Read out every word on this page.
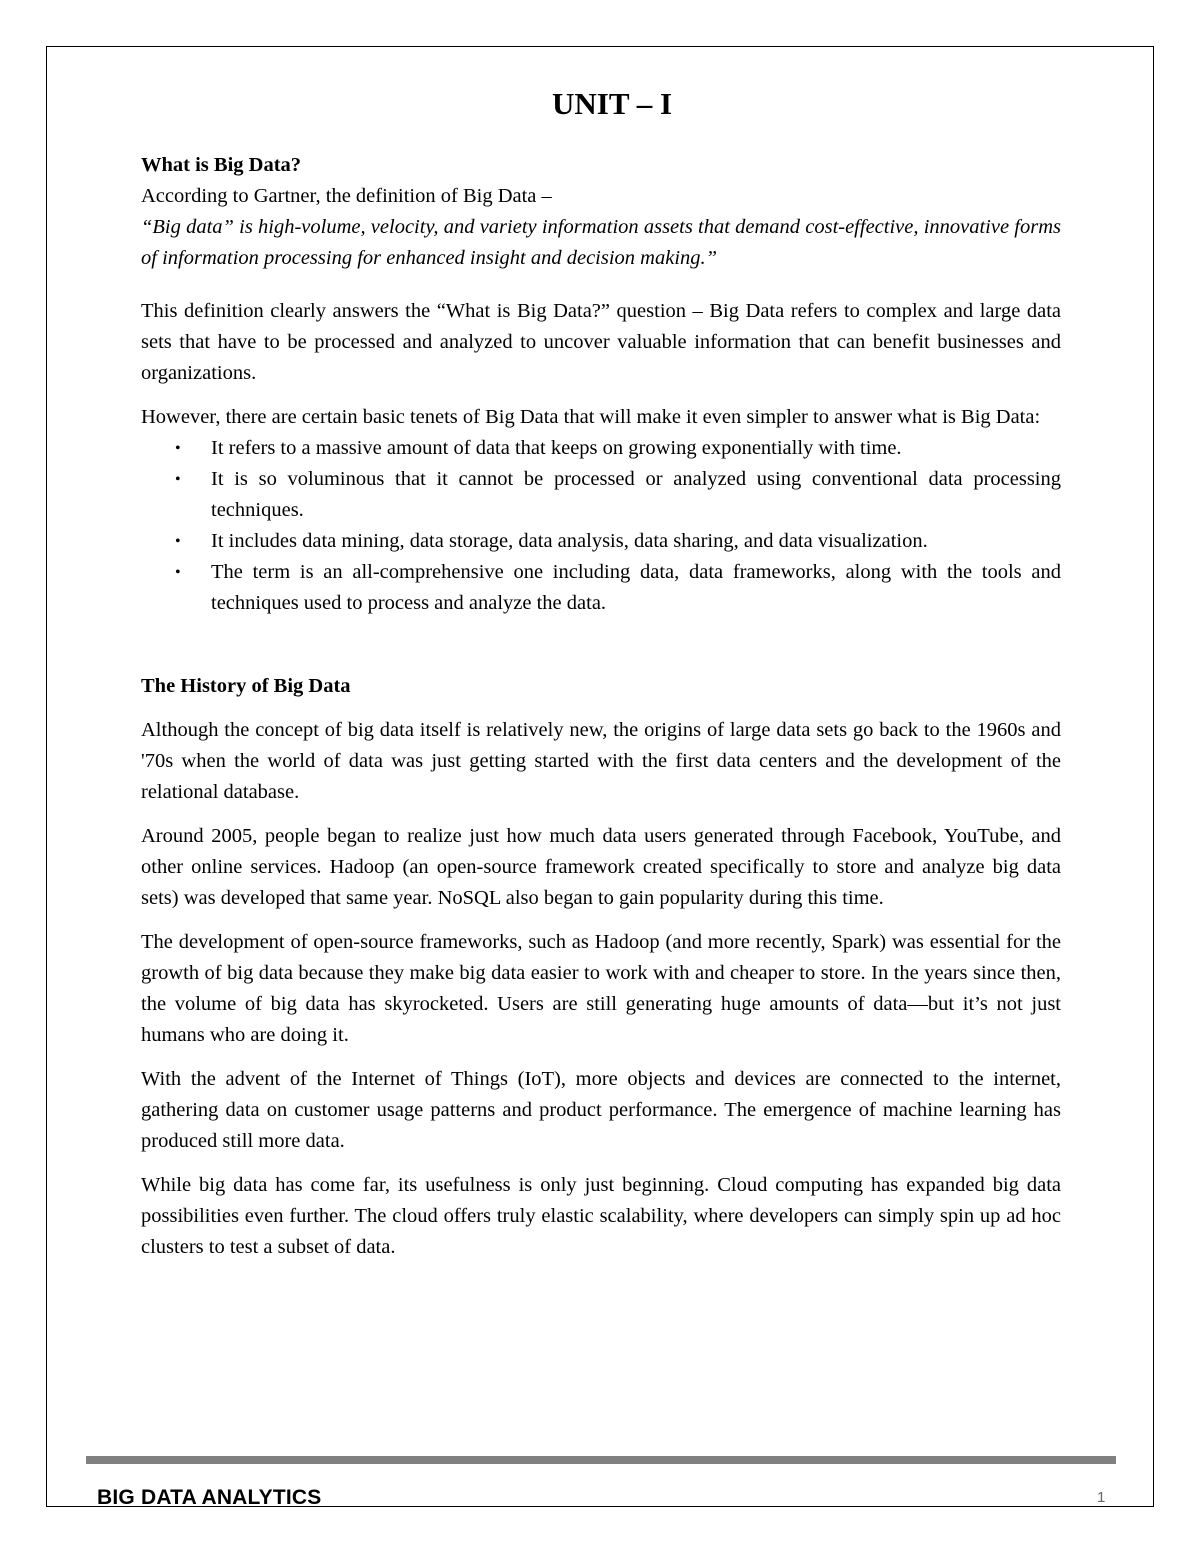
UNIT – I

What is Big Data?

According to Gartner, the definition of Big Data –

“Big data” is high-volume, velocity, and variety information assets that demand cost-effective, innovative forms of information processing for enhanced insight and decision making.”

This definition clearly answers the “What is Big Data?” question – Big Data refers to complex and large data sets that have to be processed and analyzed to uncover valuable information that can benefit businesses and organizations.

However, there are certain basic tenets of Big Data that will make it even simpler to answer what is Big Data:

• It refers to a massive amount of data that keeps on growing exponentially with time.
• It is so voluminous that it cannot be processed or analyzed using conventional data processing techniques.
• It includes data mining, data storage, data analysis, data sharing, and data visualization.
• The term is an all-comprehensive one including data, data frameworks, along with the tools and techniques used to process and analyze the data.

The History of Big Data

Although the concept of big data itself is relatively new, the origins of large data sets go back to the 1960s and '70s when the world of data was just getting started with the first data centers and the development of the relational database.

Around 2005, people began to realize just how much data users generated through Facebook, YouTube, and other online services. Hadoop (an open-source framework created specifically to store and analyze big data sets) was developed that same year. NoSQL also began to gain popularity during this time.

The development of open-source frameworks, such as Hadoop (and more recently, Spark) was essential for the growth of big data because they make big data easier to work with and cheaper to store. In the years since then, the volume of big data has skyrocketed. Users are still generating huge amounts of data—but it’s not just humans who are doing it.

With the advent of the Internet of Things (IoT), more objects and devices are connected to the internet, gathering data on customer usage patterns and product performance. The emergence of machine learning has produced still more data.

While big data has come far, its usefulness is only just beginning. Cloud computing has expanded big data possibilities even further. The cloud offers truly elastic scalability, where developers can simply spin up ad hoc clusters to test a subset of data.

BIG DATA ANALYTICS	1
